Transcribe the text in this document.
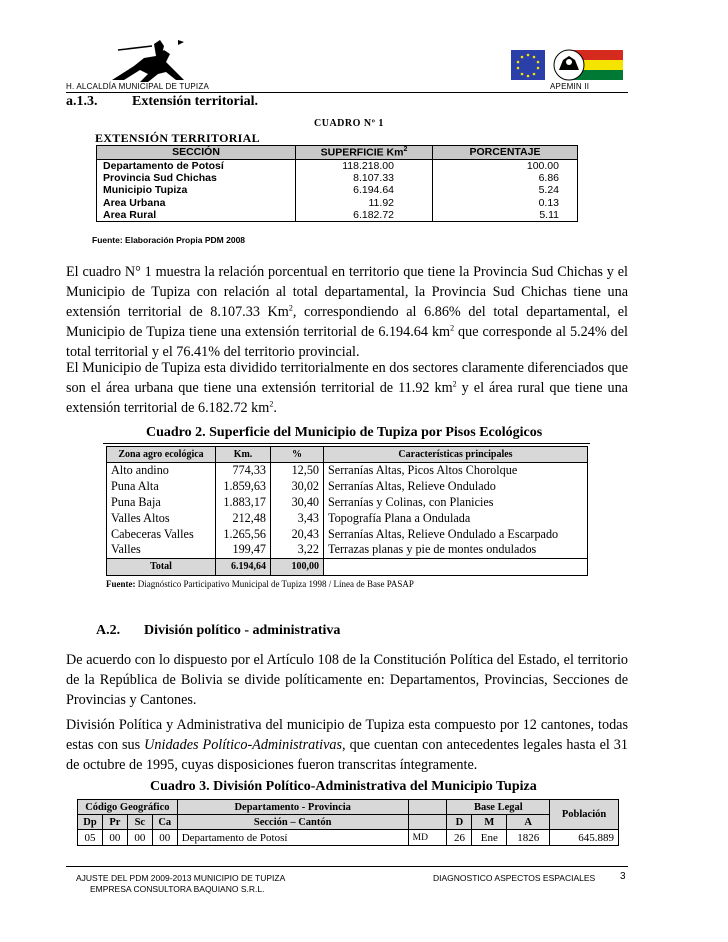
H. ALCALDÍA MUNICIPAL DE TUPIZA	APEMIN II
a.1.3. Extensión territorial.
CUADRO Nº 1
EXTENSIÓN TERRITORIAL
SECCIÓN	SUPERFICIE Km$^2$	PORCENTAJE
Departamento de Potosí	118.218.00	100.00
Provincia Sud Chichas	8.107.33	6.86
Municipio Tupiza	6.194.64	5.24
Area Urbana	11.92	0.13
Area Rural	6.182.72	5.11
Fuente: Elaboración Propia PDM 2008

El cuadro N° 1 muestra la relación porcentual en territorio que tiene la Provincia Sud Chichas y el Municipio de Tupiza con relación al total departamental, la Provincia Sud Chichas tiene una extensión territorial de 8.107.33 Km$^2$, correspondiendo al 6.86% del total departamental, el Municipio de Tupiza tiene una extensión territorial de 6.194.64 $km^2$ que corresponde al 5.24% del total territorial y el 76.41% del territorio provincial.

El Municipio de Tupiza esta dividido territorialmente en dos sectores claramente diferenciados que son el área urbana que tiene una extensión territorial de 11.92 $km^2$ y el área rural que tiene una extensión territorial de 6.182.72 $km^2$.

Cuadro 2. Superficie del Municipio de Tupiza por Pisos Ecológicos
Zona agro ecológica	Km.	%	Características principales
Alto andino	774,33	12,50	Serranías Altas, Picos Altos Chorolque
Puna Alta	1.859,63	30,02	Serranías Altas, Relieve Ondulado
Puna Baja	1.883,17	30,40	Serranías y Colinas, con Planicies
Valles Altos	212,48	3,43	Topografía Plana a Ondulada
Cabeceras Valles	1.265,56	20,43	Serranías Altas, Relieve Ondulado a Escarpado
Valles	199,47	3,22	Terrazas planas y pie de montes ondulados
Total	6.194,64	100,00	
Fuente: Diagnóstico Participativo Municipal de Tupiza 1998 / Línea de Base PASAP
A.2. División político - administrativa

De acuerdo con lo dispuesto por el Artículo 108 de la Constitución Política del Estado, el territorio de la República de Bolivia se divide políticamente en: Departamentos, Provincias, Secciones de Provincias y Cantones.

División Política y Administrativa del municipio de Tupiza esta compuesto por 12 cantones, todas estas con sus Unidades Político-Administrativas, que cuentan con antecedentes legales hasta el 31 de octubre de 1995, cuyas disposiciones fueron transcritas íntegramente.

Cuadro 3. División Político-Administrativa del Municipio Tupiza
Código Geográfico				Departamento - Provincia		Base Legal			Población
Dp	Pr	Sc	Ca	Sección – Cantón		D	M	A	
05	00	00	00	Departamento de Potosí	MD	26	Ene	1826	645.889
AJUSTE DEL PDM 2009-2013 MUNICIPIO DE TUPIZA
EMPRESA CONSULTORA BAQUIANO S.R.L.
DIAGNOSTICO ASPECTOS ESPACIALES 3
